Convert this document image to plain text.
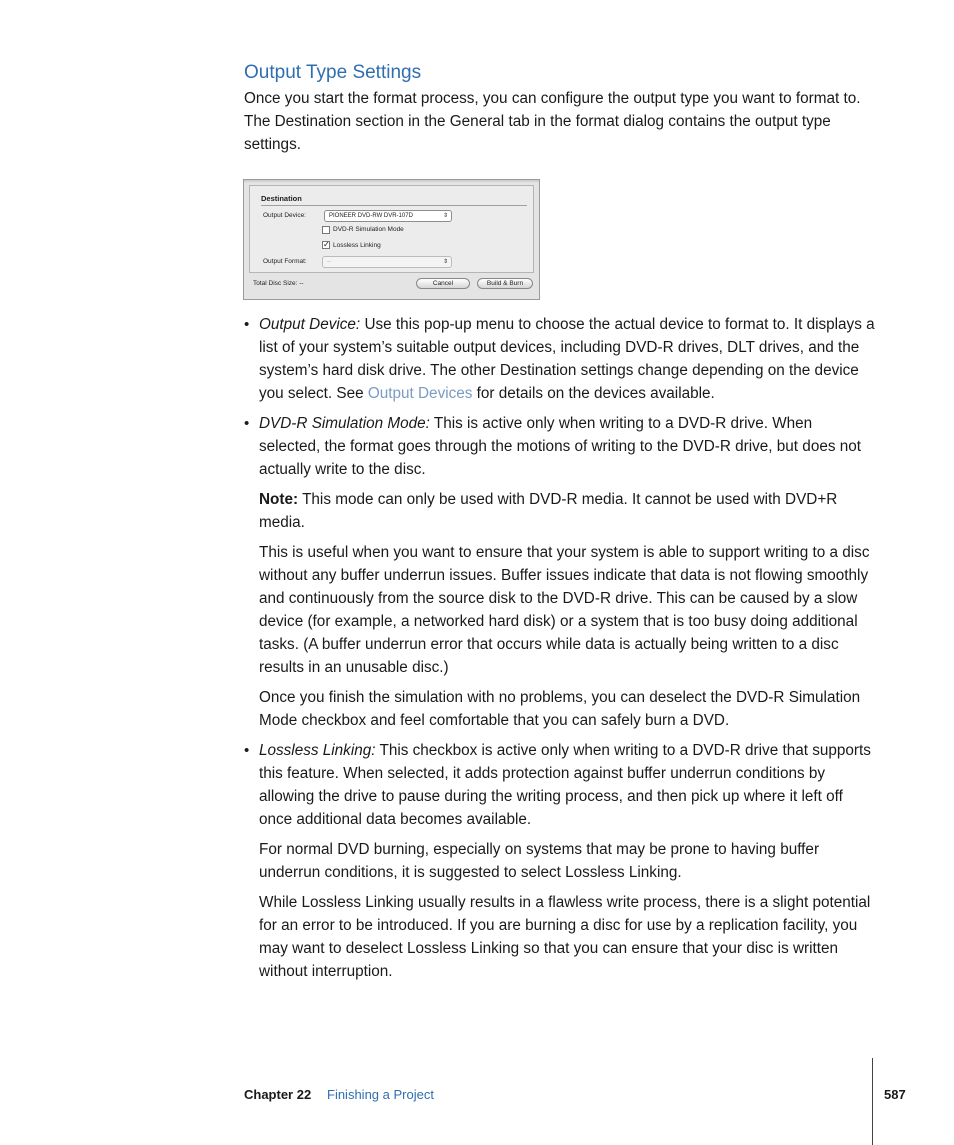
Output Type Settings

Once you start the format process, you can configure the output type you want to format to. The Destination section in the General tab in the format dialog contains the output type settings.

Destination
Output Device:	PIONEER DVD-RW DVR-107D	⇕
DVD-R Simulation Mode
✓ Lossless Linking
Output Format:	--	⇕
Total Disc Size: --	Cancel	Build & Burn
• Output Device: Use this pop-up menu to choose the actual device to format to. It displays a list of your system’s suitable output devices, including DVD-R drives, DLT drives, and the system’s hard disk drive. The other Destination settings change depending on the device you select. See Output Devices for details on the devices available.

• DVD-R Simulation Mode: This is active only when writing to a DVD-R drive. When selected, the format goes through the motions of writing to the DVD-R drive, but does not actually write to the disc.

Note: This mode can only be used with DVD-R media. It cannot be used with DVD+R media.

This is useful when you want to ensure that your system is able to support writing to a disc without any buffer underrun issues. Buffer issues indicate that data is not flowing smoothly and continuously from the source disk to the DVD-R drive. This can be caused by a slow device (for example, a networked hard disk) or a system that is too busy doing additional tasks. (A buffer underrun error that occurs while data is actually being written to a disc results in an unusable disc.)

Once you finish the simulation with no problems, you can deselect the DVD-R Simulation Mode checkbox and feel comfortable that you can safely burn a DVD.

• Lossless Linking: This checkbox is active only when writing to a DVD-R drive that supports this feature. When selected, it adds protection against buffer underrun conditions by allowing the drive to pause during the writing process, and then pick up where it left off once additional data becomes available.

For normal DVD burning, especially on systems that may be prone to having buffer underrun conditions, it is suggested to select Lossless Linking.

While Lossless Linking usually results in a flawless write process, there is a slight potential for an error to be introduced. If you are burning a disc for use by a replication facility, you may want to deselect Lossless Linking so that you can ensure that your disc is written without interruption.

Chapter 22 Finishing a Project	587
